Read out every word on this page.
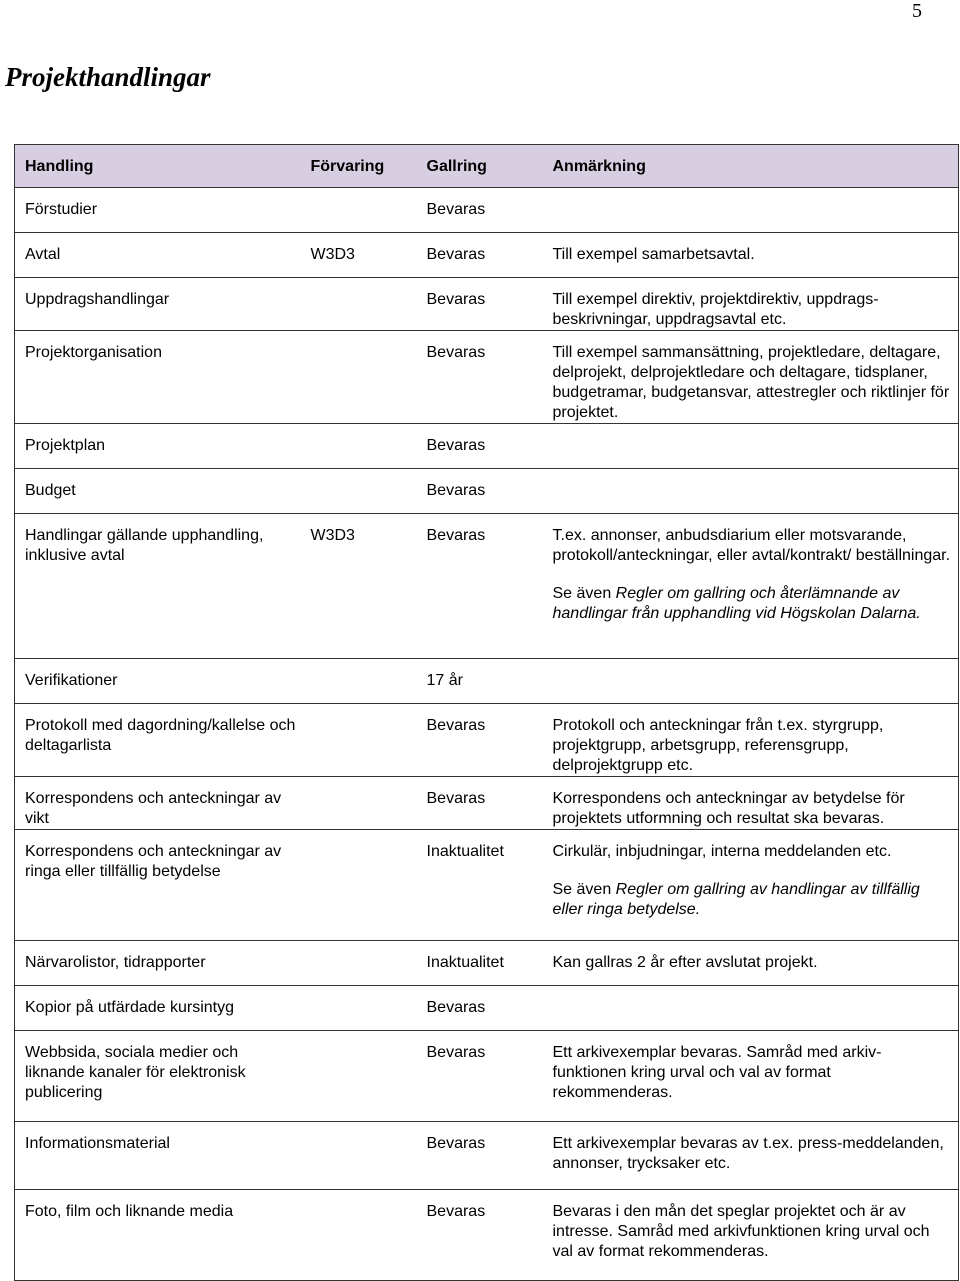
5
Projekthandlingar
Handling	Förvaring	Gallring	Anmärkning

Förstudier		Bevaras	

Avtal	W3D3	Bevaras	Till exempel samarbetsavtal.

Uppdragshandlingar		Bevaras	Till exempel direktiv, projektdirektiv, uppdrags-beskrivningar, uppdragsavtal etc.

Projektorganisation		Bevaras	Till exempel sammansättning, projektledare, deltagare, delprojekt, delprojektledare och deltagare, tidsplaner, budgetramar, budgetansvar, attestregler och riktlinjer för projektet.

Projektplan		Bevaras	

Budget		Bevaras	

Handlingar gällande upphandling, inklusive avtal	W3D3	Bevaras	T.ex. annonser, anbudsdiarium eller motsvarande, protokoll/anteckningar, eller avtal/kontrakt/ beställningar.
Se även Regler om gallring och återlämnande av handlingar från upphandling vid Högskolan Dalarna.

Verifikationer		17 år	

Protokoll med dagordning/kallelse och deltagarlista		Bevaras	Protokoll och anteckningar från t.ex. styrgrupp, projektgrupp, arbetsgrupp, referensgrupp, delprojektgrupp etc.

Korrespondens och anteckningar av vikt		Bevaras	Korrespondens och anteckningar av betydelse för projektets utformning och resultat ska bevaras.

Korrespondens och anteckningar av ringa eller tillfällig betydelse		Inaktualitet	Cirkulär, inbjudningar, interna meddelanden etc.
Se även Regler om gallring av handlingar av tillfällig eller ringa betydelse.

Närvarolistor, tidrapporter		Inaktualitet	Kan gallras 2 år efter avslutat projekt.

Kopior på utfärdade kursintyg		Bevaras	

Webbsida, sociala medier och liknande kanaler för elektronisk publicering		Bevaras	Ett arkivexemplar bevaras. Samråd med arkiv-funktionen kring urval och val av format rekommenderas.

Informationsmaterial		Bevaras	Ett arkivexemplar bevaras av t.ex. press-meddelanden, annonser, trycksaker etc.

Foto, film och liknande media		Bevaras	Bevaras i den mån det speglar projektet och är av intresse. Samråd med arkivfunktionen kring urval och val av format rekommenderas.
